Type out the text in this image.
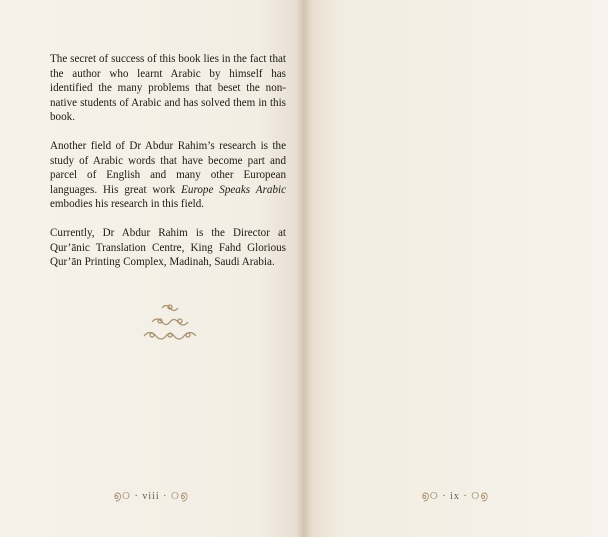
The secret of success of this book lies in the fact that the author who learnt Arabic by himself has identified the many problems that beset the non-native students of Arabic and has solved them in this book.

Another field of Dr Abdur Rahim’s research is the study of Arabic words that have become part and parcel of English and many other European languages. His great work Europe Speaks Arabic embodies his research in this field.

Currently, Dr Abdur Rahim is the Director at Qur’ānic Translation Centre, King Fahd Glorious Qur’ān Printing Complex, Madinah, Saudi Arabia.

൭୦ · viii · ୦൭	൭୦ · ix · ୦൭
